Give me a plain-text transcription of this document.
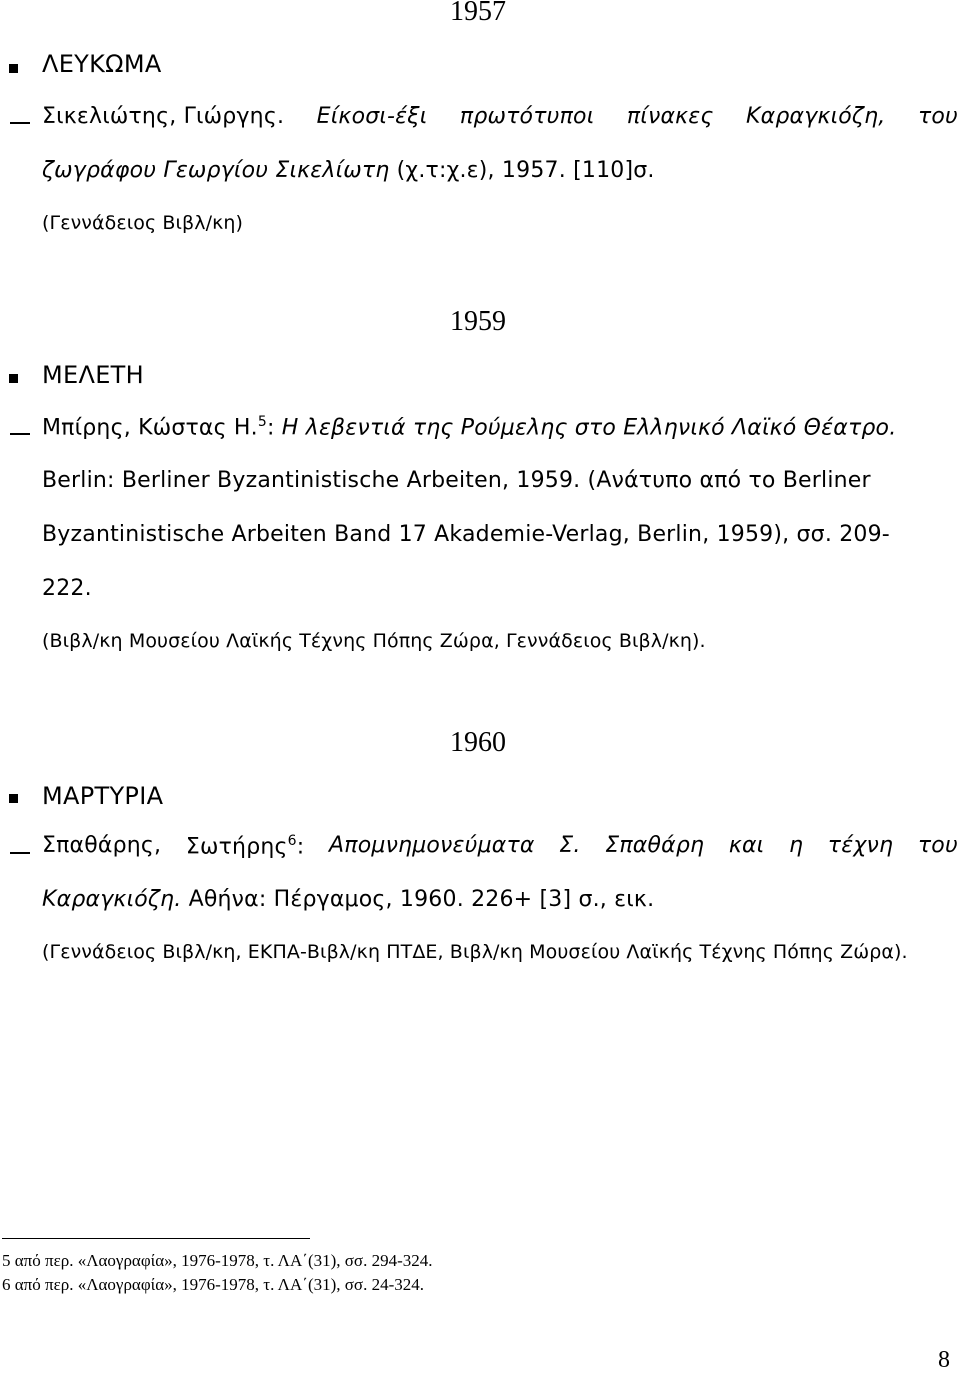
1957
ΛΕΥΚΩΜΑ
Σικελιώτης, Γιώργης. Είκοσι-έξι πρωτότυποι πίνακες Καραγκιόζη, του
ζωγράφου Γεωργίου Σικελίωτη (χ.τ:χ.ε), 1957. [110]σ.
(Γεννάδειος Βιβλ/κη)
1959
ΜΕΛΕΤΗ
Μπίρης, Κώστας Η.$^5$: Η λεβεντιά της Ρούμελης στο Ελληνικό Λαϊκό Θέατρο.
Berlin: Berliner Byzantinistische Arbeiten, 1959. (Ανάτυπο από το Berliner
Byzantinistische Arbeiten Band 17 Akademie-Verlag, Berlin, 1959), σσ. 209-
222.
(Βιβλ/κη Μουσείου Λαϊκής Τέχνης Πόπης Ζώρα, Γεννάδειος Βιβλ/κη).
1960
ΜΑΡΤΥΡΙΑ
Σπαθάρης, Σωτήρης$^6$: Απομνημονεύματα Σ. Σπαθάρη και η τέχνη του
Καραγκιόζη. Αθήνα: Πέργαμος, 1960. 226+ [3] σ., εικ.
(Γεννάδειος Βιβλ/κη, ΕΚΠΑ-Βιβλ/κη ΠΤΔΕ, Βιβλ/κη Μουσείου Λαϊκής Τέχνης Πόπης Ζώρα).
5 από περ. «Λαογραφία», 1976-1978, τ. ΛΑ΄(31), σσ. 294-324.
6 από περ. «Λαογραφία», 1976-1978, τ. ΛΑ΄(31), σσ. 24-324.
8
